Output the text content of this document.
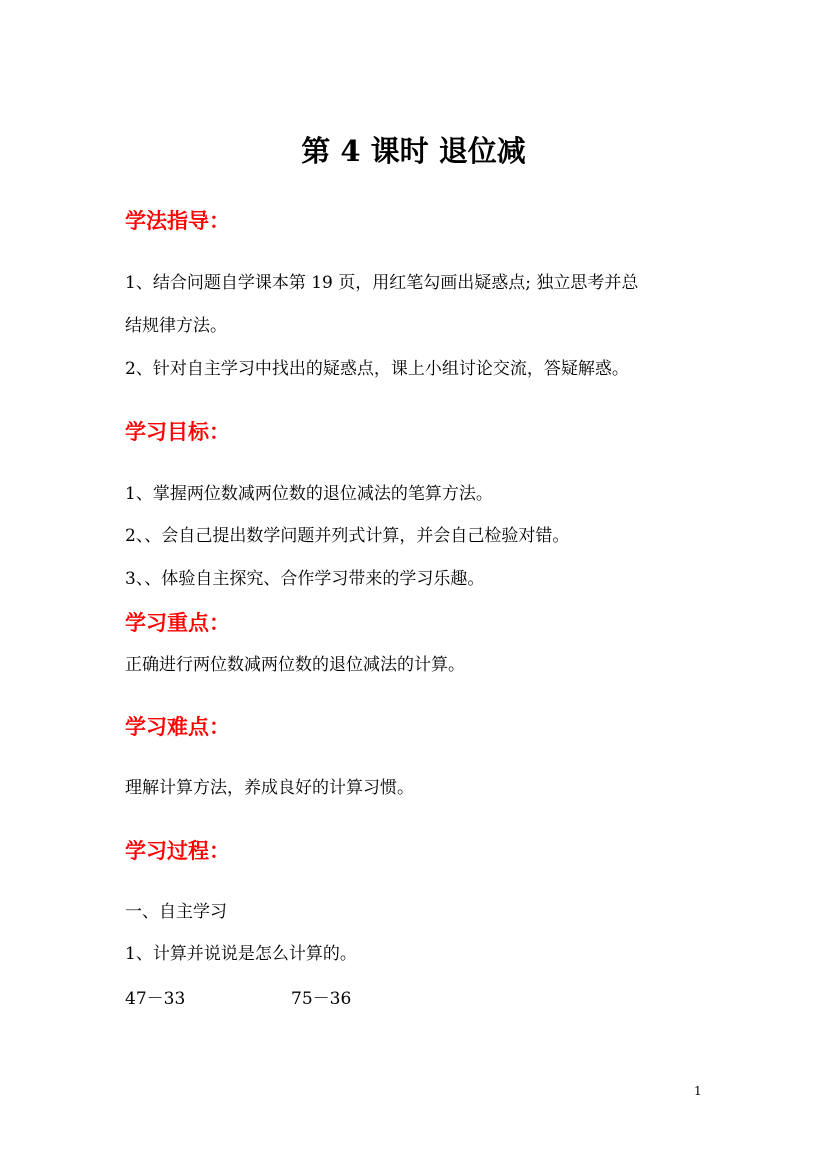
第 4 课时 退位减
学法指导：
1、结合问题自学课本第 19 页，用红笔勾画出疑惑点; 独立思考并总
结规律方法。
2、针对自主学习中找出的疑惑点，课上小组讨论交流，答疑解惑。
学习目标：
1、掌握两位数减两位数的退位减法的笔算方法。
2、、会自己提出数学问题并列式计算，并会自己检验对错。
3、、体验自主探究、合作学习带来的学习乐趣。
学习重点：
正确进行两位数减两位数的退位减法的计算。
学习难点：
理解计算方法，养成良好的计算习惯。
学习过程：
一、自主学习
1、计算并说说是怎么计算的。
47－33	75－36
1
